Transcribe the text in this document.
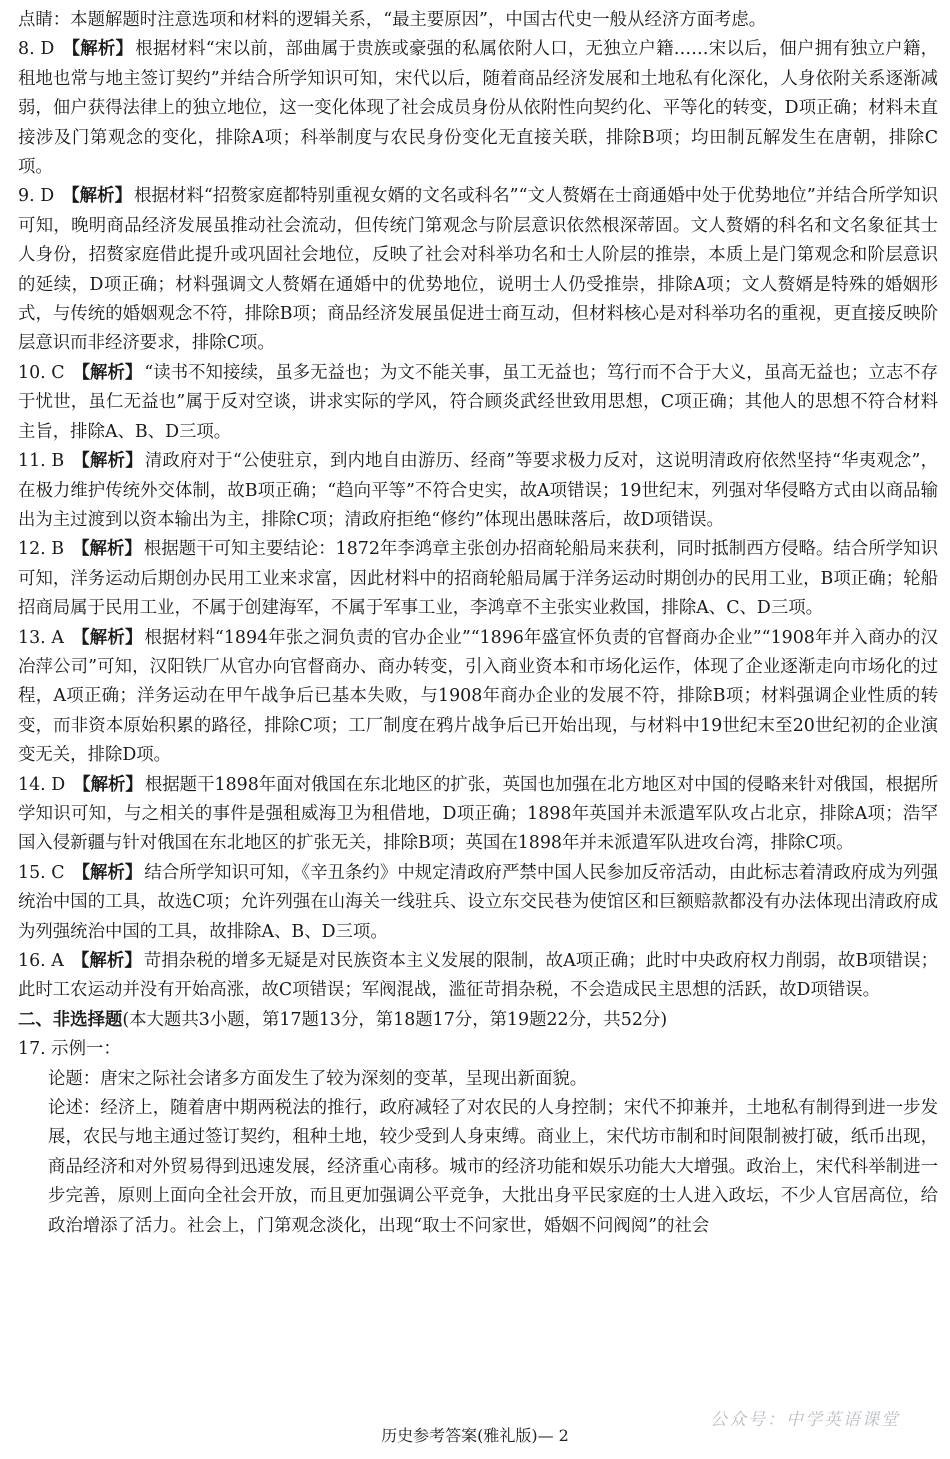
点睛：本题解题时注意选项和材料的逻辑关系，“最主要原因”，中国古代史一般从经济方面考虑。

8. D 【解析】 根据材料“宋以前，部曲属于贵族或豪强的私属依附人口，无独立户籍……宋以后，佃户拥有独立户籍，租地也常与地主签订契约”并结合所学知识可知，宋代以后，随着商品经济发展和土地私有化深化，人身依附关系逐渐减弱，佃户获得法律上的独立地位，这一变化体现了社会成员身份从依附性向契约化、平等化的转变，D项正确；材料未直接涉及门第观念的变化，排除A项；科举制度与农民身份变化无直接关联，排除B项；均田制瓦解发生在唐朝，排除C项。

9. D 【解析】 根据材料“招赘家庭都特别重视女婿的文名或科名”“文人赘婿在士商通婚中处于优势地位”并结合所学知识可知，晚明商品经济发展虽推动社会流动，但传统门第观念与阶层意识依然根深蒂固。文人赘婿的科名和文名象征其士人身份，招赘家庭借此提升或巩固社会地位，反映了社会对科举功名和士人阶层的推崇，本质上是门第观念和阶层意识的延续，D项正确；材料强调文人赘婿在通婚中的优势地位，说明士人仍受推崇，排除A项；文人赘婿是特殊的婚姻形式，与传统的婚姻观念不符，排除B项；商品经济发展虽促进士商互动，但材料核心是对科举功名的重视，更直接反映阶层意识而非经济要求，排除C项。

10. C 【解析】 “读书不知接续，虽多无益也；为文不能关事，虽工无益也；笃行而不合于大义，虽高无益也；立志不存于忧世，虽仁无益也”属于反对空谈，讲求实际的学风，符合顾炎武经世致用思想，C项正确；其他人的思想不符合材料主旨，排除A、B、D三项。

11. B 【解析】 清政府对于“公使驻京，到内地自由游历、经商”等要求极力反对，这说明清政府依然坚持“华夷观念”，在极力维护传统外交体制，故B项正确；“趋向平等”不符合史实，故A项错误；19世纪末，列强对华侵略方式由以商品输出为主过渡到以资本输出为主，排除C项；清政府拒绝“修约”体现出愚昧落后，故D项错误。

12. B 【解析】 根据题干可知主要结论：1872年李鸿章主张创办招商轮船局来获利，同时抵制西方侵略。结合所学知识可知，洋务运动后期创办民用工业来求富，因此材料中的招商轮船局属于洋务运动时期创办的民用工业，B项正确；轮船招商局属于民用工业，不属于创建海军，不属于军事工业，李鸿章不主张实业救国，排除A、C、D三项。

13. A 【解析】 根据材料“1894年张之洞负责的官办企业”“1896年盛宣怀负责的官督商办企业”“1908年并入商办的汉冶萍公司”可知，汉阳铁厂从官办向官督商办、商办转变，引入商业资本和市场化运作，体现了企业逐渐走向市场化的过程，A项正确；洋务运动在甲午战争后已基本失败，与1908年商办企业的发展不符，排除B项；材料强调企业性质的转变，而非资本原始积累的路径，排除C项；工厂制度在鸦片战争后已开始出现，与材料中19世纪末至20世纪初的企业演变无关，排除D项。

14. D 【解析】 根据题干1898年面对俄国在东北地区的扩张，英国也加强在北方地区对中国的侵略来针对俄国，根据所学知识可知，与之相关的事件是强租威海卫为租借地，D项正确；1898年英国并未派遣军队攻占北京，排除A项；浩罕国入侵新疆与针对俄国在东北地区的扩张无关，排除B项；英国在1898年并未派遣军队进攻台湾，排除C项。

15. C 【解析】 结合所学知识可知，《辛丑条约》中规定清政府严禁中国人民参加反帝活动，由此标志着清政府成为列强统治中国的工具，故选C项；允许列强在山海关一线驻兵、设立东交民巷为使馆区和巨额赔款都没有办法体现出清政府成为列强统治中国的工具，故排除A、B、D三项。

16. A 【解析】 苛捐杂税的增多无疑是对民族资本主义发展的限制，故A项正确；此时中央政府权力削弱，故B项错误；此时工农运动并没有开始高涨，故C项错误；军阀混战，滥征苛捐杂税，不会造成民主思想的活跃，故D项错误。

二、非选择题(本大题共3小题，第17题13分，第18题17分，第19题22分，共52分)

17. 示例一：

论题：唐宋之际社会诸多方面发生了较为深刻的变革，呈现出新面貌。

论述：经济上，随着唐中期两税法的推行，政府减轻了对农民的人身控制；宋代不抑兼并，土地私有制得到进一步发展，农民与地主通过签订契约，租种土地，较少受到人身束缚。商业上，宋代坊市制和时间限制被打破，纸币出现，商品经济和对外贸易得到迅速发展，经济重心南移。城市的经济功能和娱乐功能大大增强。政治上，宋代科举制进一步完善，原则上面向全社会开放，而且更加强调公平竞争，大批出身平民家庭的士人进入政坛，不少人官居高位，给政治增添了活力。社会上，门第观念淡化，出现“取士不问家世，婚姻不问阀阅”的社会

历史参考答案(雅礼版)— 2
公众号：中学英语课堂
